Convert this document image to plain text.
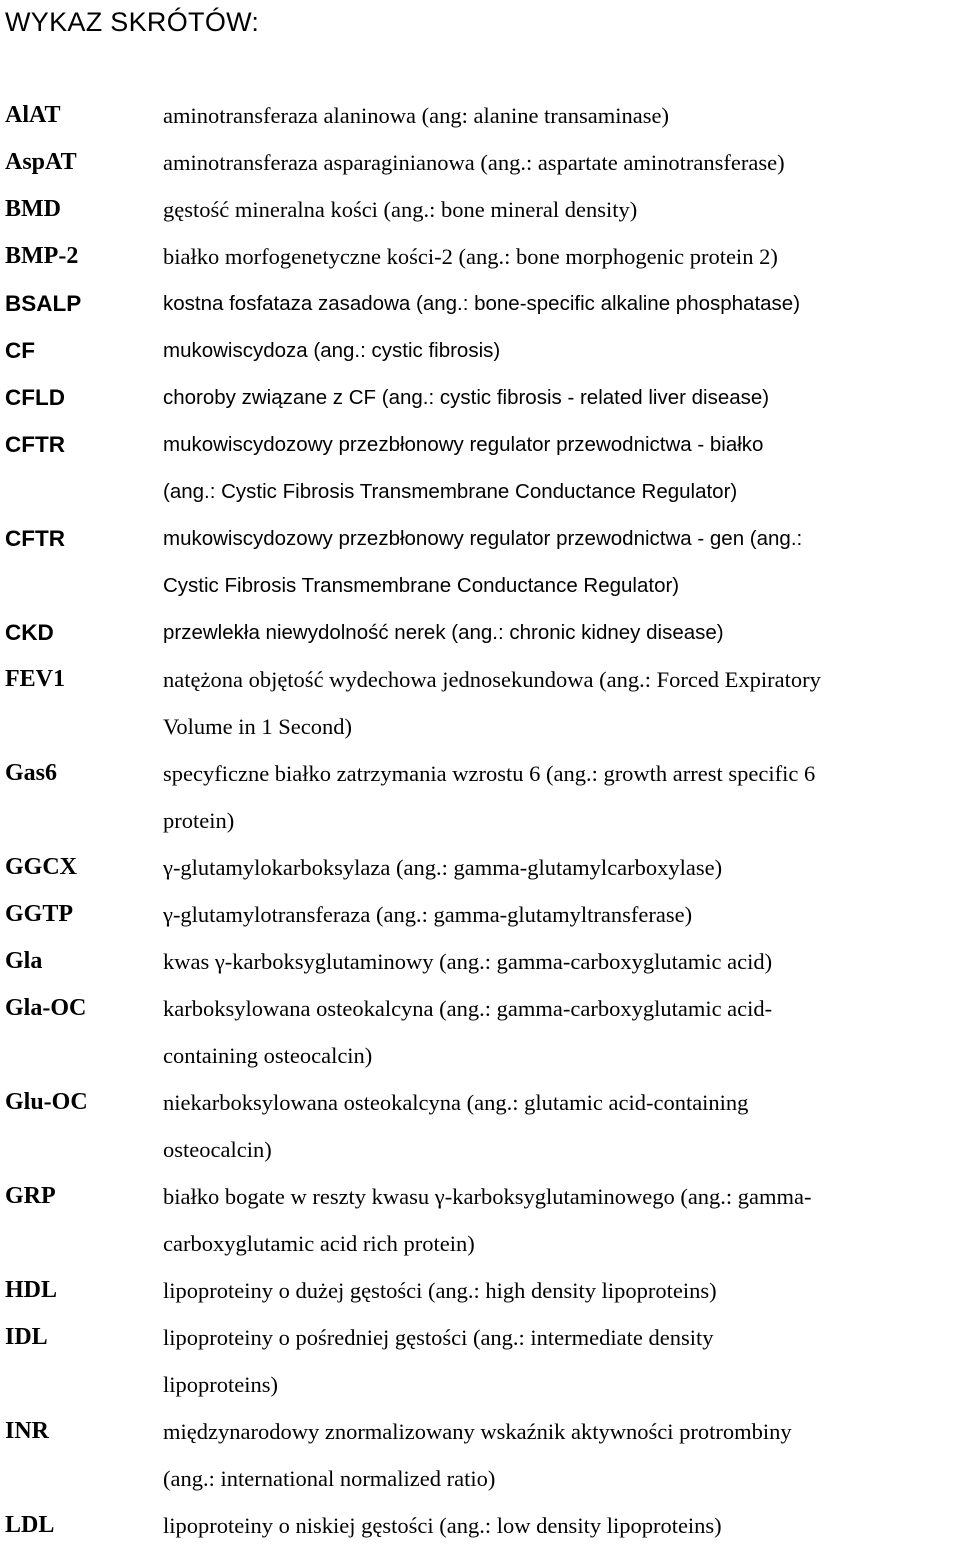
WYKAZ SKRÓTÓW:
AlAT	aminotransferaza alaninowa (ang: alanine transaminase)
AspAT	aminotransferaza asparaginianowa (ang.: aspartate aminotransferase)
BMD	gęstość mineralna kości (ang.: bone mineral density)
BMP-2	białko morfogenetyczne kości-2 (ang.: bone morphogenic protein 2)
BSALP	kostna fosfataza zasadowa (ang.: bone-specific alkaline phosphatase)
CF	mukowiscydoza (ang.: cystic fibrosis)
CFLD	choroby związane z CF (ang.: cystic fibrosis - related liver disease)
CFTR	mukowiscydozowy przezbłonowy regulator przewodnictwa - białko
(ang.: Cystic Fibrosis Transmembrane Conductance Regulator)
CFTR	mukowiscydozowy przezbłonowy regulator przewodnictwa - gen (ang.:
Cystic Fibrosis Transmembrane Conductance Regulator)
CKD	przewlekła niewydolność nerek (ang.: chronic kidney disease)
FEV1	natężona objętość wydechowa jednosekundowa (ang.: Forced Expiratory
Volume in 1 Second)
Gas6	specyficzne białko zatrzymania wzrostu 6 (ang.: growth arrest specific 6
protein)
GGCX	γ-glutamylokarboksylaza (ang.: gamma-glutamylcarboxylase)
GGTP	γ-glutamylotransferaza (ang.: gamma-glutamyltransferase)
Gla	kwas γ-karboksyglutaminowy (ang.: gamma-carboxyglutamic acid)
Gla-OC	karboksylowana osteokalcyna (ang.: gamma-carboxyglutamic acid-
containing osteocalcin)
Glu-OC	niekarboksylowana osteokalcyna (ang.: glutamic acid-containing
osteocalcin)
GRP	białko bogate w reszty kwasu γ-karboksyglutaminowego (ang.: gamma-
carboxyglutamic acid rich protein)
HDL	lipoproteiny o dużej gęstości (ang.: high density lipoproteins)
IDL	lipoproteiny o pośredniej gęstości (ang.: intermediate density
lipoproteins)
INR	międzynarodowy znormalizowany wskaźnik aktywności protrombiny
(ang.: international normalized ratio)
LDL	lipoproteiny o niskiej gęstości (ang.: low density lipoproteins)
